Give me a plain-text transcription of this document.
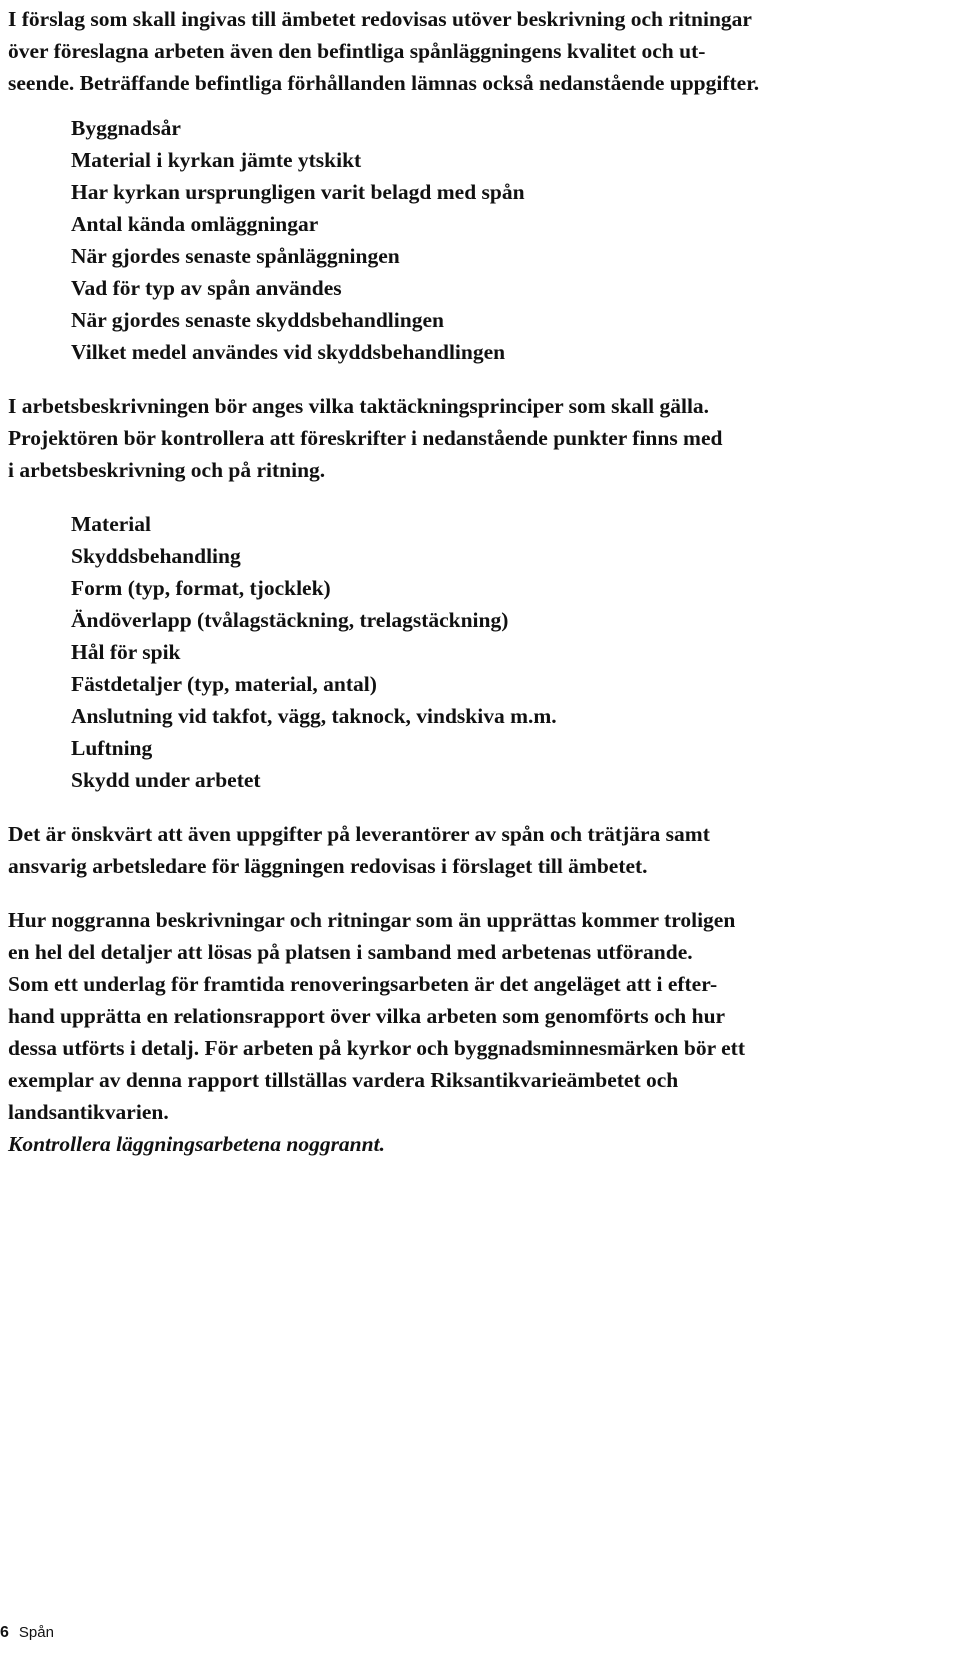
I förslag som skall ingivas till ämbetet redovisas utöver beskrivning och ritningar
över föreslagna arbeten även den befintliga spånläggningens kvalitet och ut-
seende. Beträffande befintliga förhållanden lämnas också nedanstående uppgifter.

Byggnadsår
Material i kyrkan jämte ytskikt
Har kyrkan ursprungligen varit belagd med spån
Antal kända omläggningar
När gjordes senaste spånläggningen
Vad för typ av spån användes
När gjordes senaste skyddsbehandlingen
Vilket medel användes vid skyddsbehandlingen

I arbetsbeskrivningen bör anges vilka taktäckningsprinciper som skall gälla.
Projektören bör kontrollera att föreskrifter i nedanstående punkter finns med
i arbetsbeskrivning och på ritning.

Material
Skyddsbehandling
Form (typ, format, tjocklek)
Ändöverlapp (tvålagstäckning, trelagstäckning)
Hål för spik
Fästdetaljer (typ, material, antal)
Anslutning vid takfot, vägg, taknock, vindskiva m.m.
Luftning
Skydd under arbetet

Det är önskvärt att även uppgifter på leverantörer av spån och trätjära samt
ansvarig arbetsledare för läggningen redovisas i förslaget till ämbetet.

Hur noggranna beskrivningar och ritningar som än upprättas kommer troligen
en hel del detaljer att lösas på platsen i samband med arbetenas utförande.
Som ett underlag för framtida renoveringsarbeten är det angeläget att i efter-
hand upprätta en relationsrapport över vilka arbeten som genomförts och hur
dessa utförts i detalj. För arbeten på kyrkor och byggnadsminnesmärken bör ett
exemplar av denna rapport tillställas vardera Riksantikvarieämbetet och
landsantikvarien.

Kontrollera läggningsarbetena noggrannt.

6 Spån
